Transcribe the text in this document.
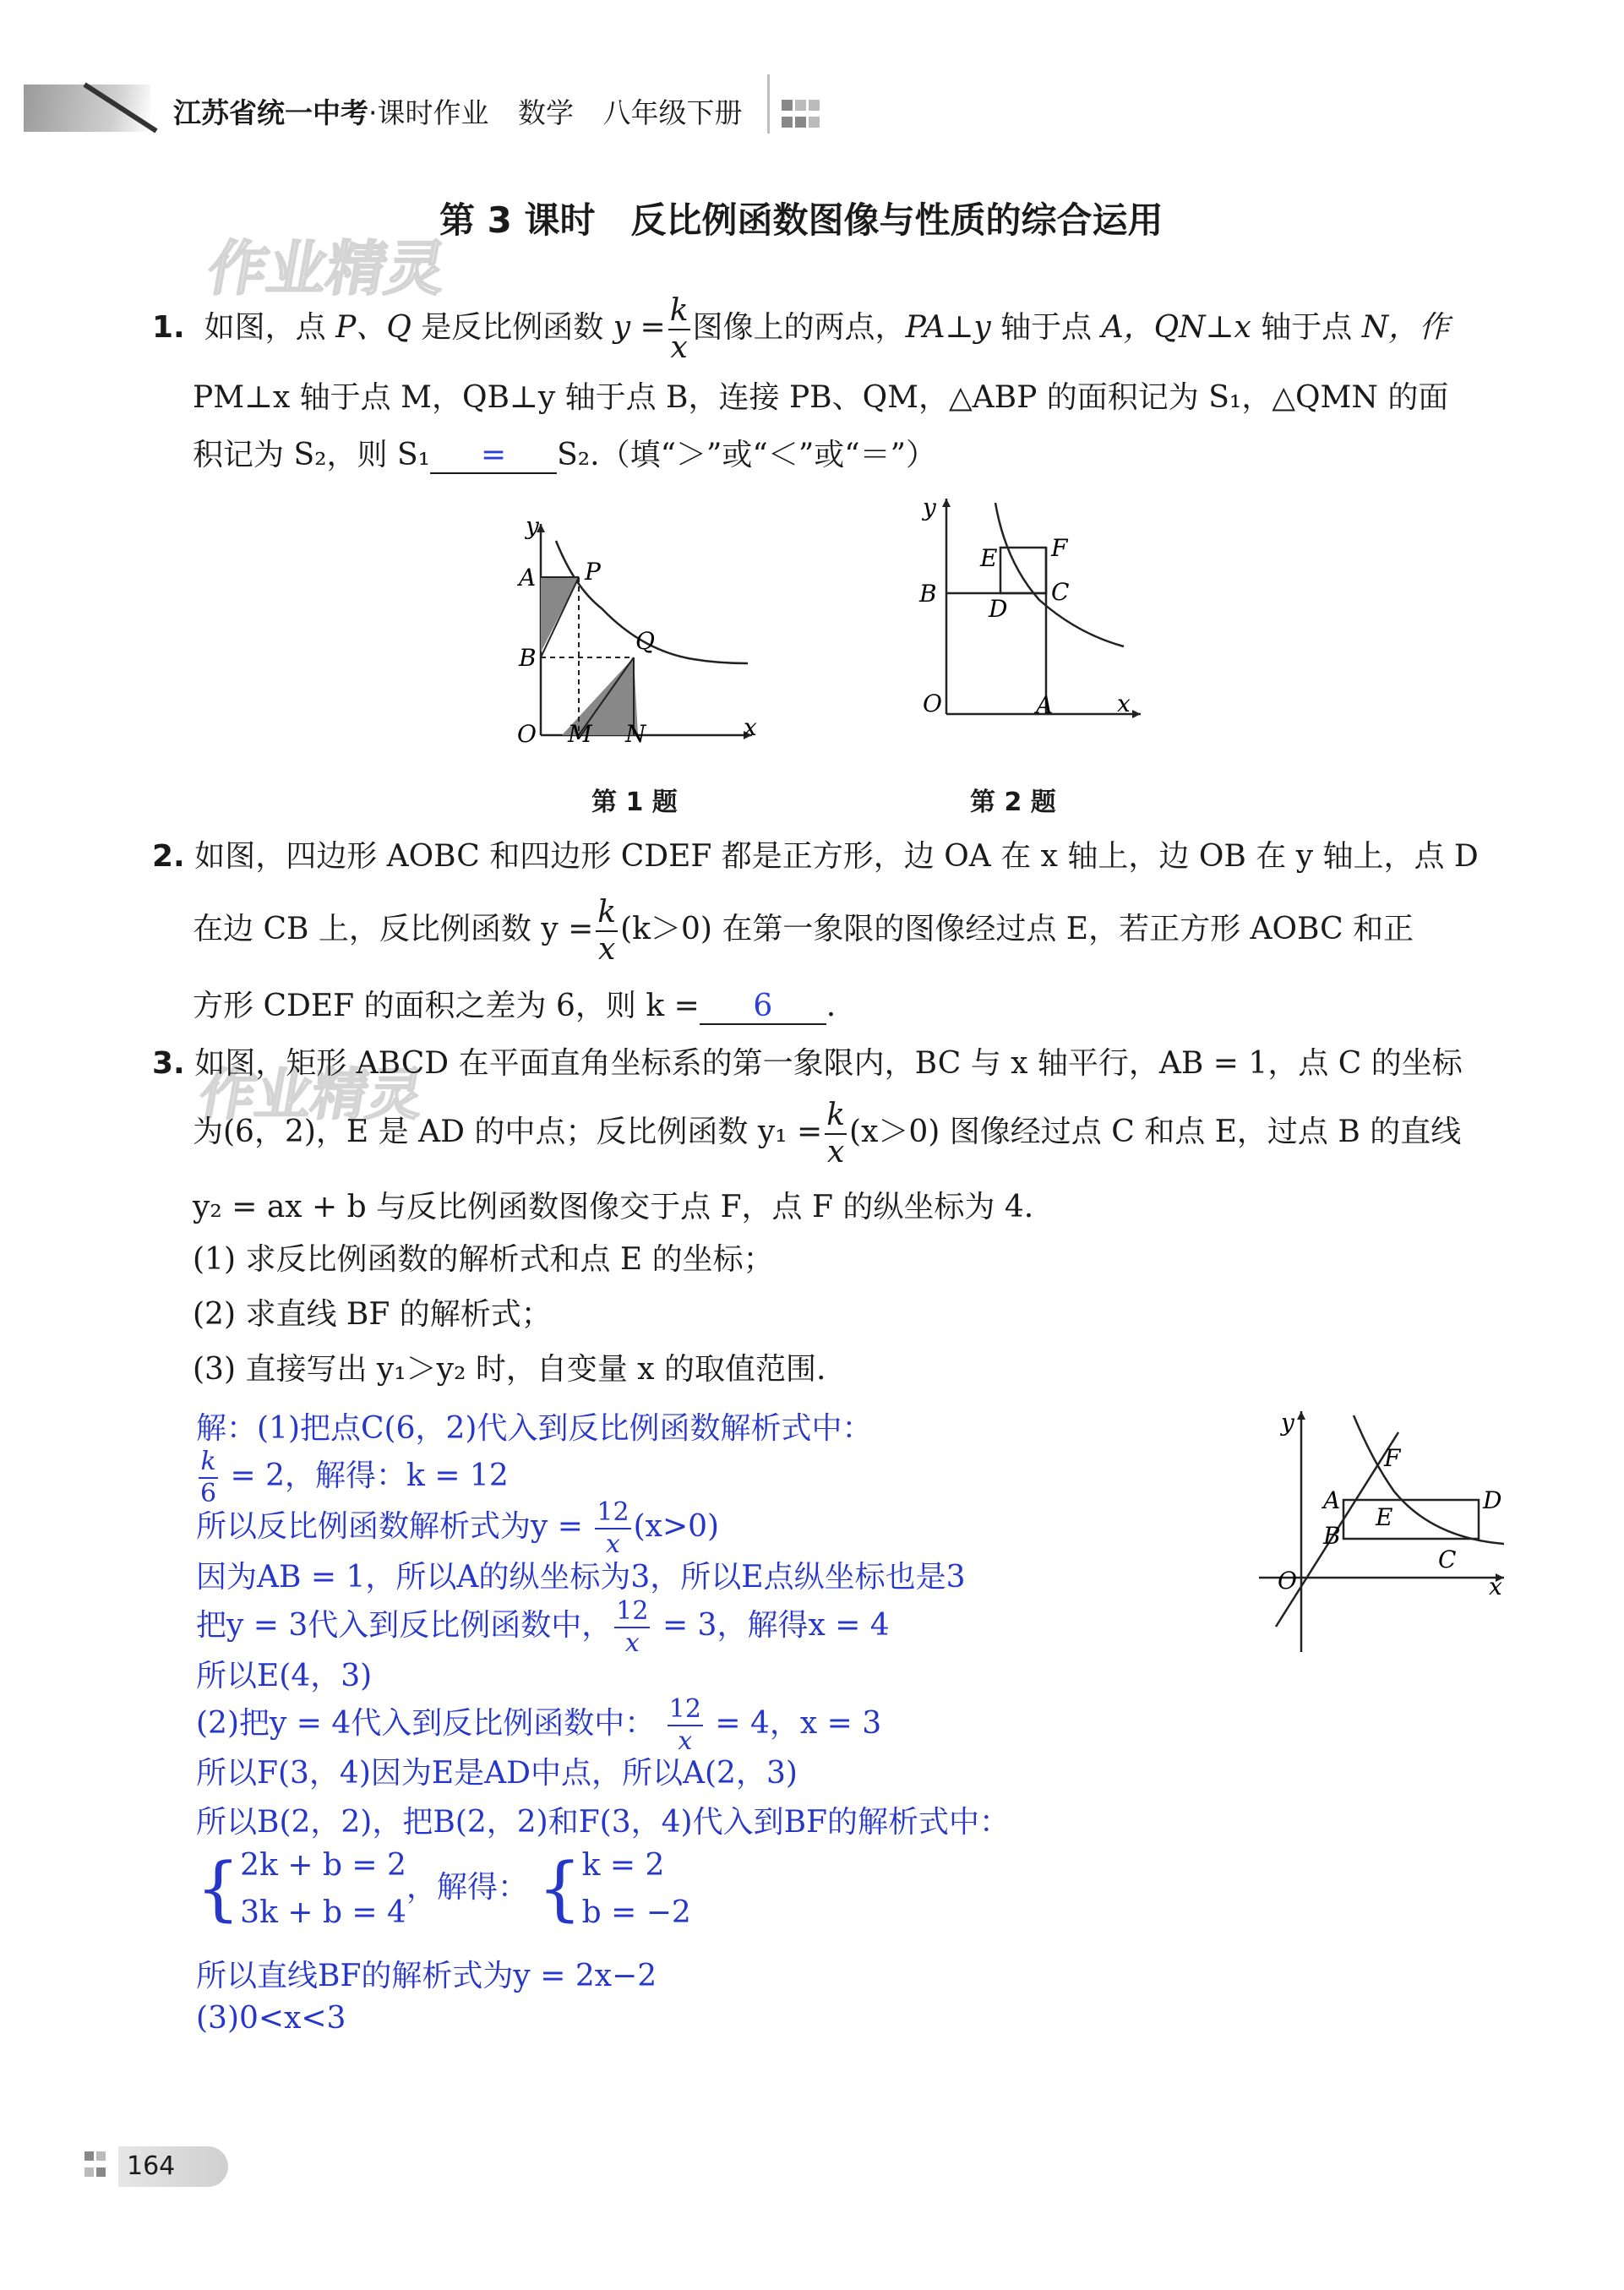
江苏省统一中考·课时作业 数学 八年级下册
作业精灵
作业精灵
第 3 课时　反比例函数图像与性质的综合运用
1. 如图，点 P、Q 是反比例函数 $y = \frac{k}{x}$ 图像上的两点，PA⊥y 轴于点 A，QN⊥x 轴于点 N，作
PM⊥x 轴于点 M，QB⊥y 轴于点 B，连接 PB、QM，△ABP 的面积记为 S₁，△QMN 的面
积记为 S₂，则 S₁ = S₂.（填“＞”或“＜”或“＝”）
y
A P
B
Q
O M N	x
第 1 题
y
E F
B
D
C
O	A	x
第 2 题
2. 如图，四边形 AOBC 和四边形 CDEF 都是正方形，边 OA 在 x 轴上，边 OB 在 y 轴上，点 D
在边 CB 上，反比例函数 $y = \frac{k}{x} (k>0)$ 在第一象限的图像经过点 E，若正方形 AOBC 和正
方形 CDEF 的面积之差为 6，则 k = 6 .
3. 如图，矩形 ABCD 在平面直角坐标系的第一象限内，BC 与 x 轴平行，AB = 1，点 C 的坐标
为(6，2)，E 是 AD 的中点；反比例函数 $y_1 = \frac{k}{x} (x>0)$ 图像经过点 C 和点 E，过点 B 的直线
y₂ = ax + b 与反比例函数图像交于点 F，点 F 的纵坐标为 4.
(1) 求反比例函数的解析式和点 E 的坐标；
(2) 求直线 BF 的解析式；
(3) 直接写出 y₁＞y₂ 时，自变量 x 的取值范围.
y
F
A
E
D
B
C
O	x
解：(1)把点C(6，2)代入到反比例函数解析式中：
$\frac{k}{6} = 2$，解得：k = 12
所以反比例函数解析式为$y = \frac{12}{x} (x>0)$
因为AB = 1，所以A的纵坐标为3，所以E点纵坐标也是3
把y = 3代入到反比例函数中， $\frac{12}{x} = 3$，解得x = 4
所以E(4，3)
(2)把y = 4代入到反比例函数中： $\frac{12}{x} = 4$，x = 3
所以F(3，4)因为E是AD中点，所以A(2，3)
所以B(2，2)，把B(2，2)和F(3，4)代入到BF的解析式中：
{2k + b = 2
3k + b = 4，解得： {k = 2
b = −2
所以直线BF的解析式为y = 2x−2
(3)0<x<3
164
